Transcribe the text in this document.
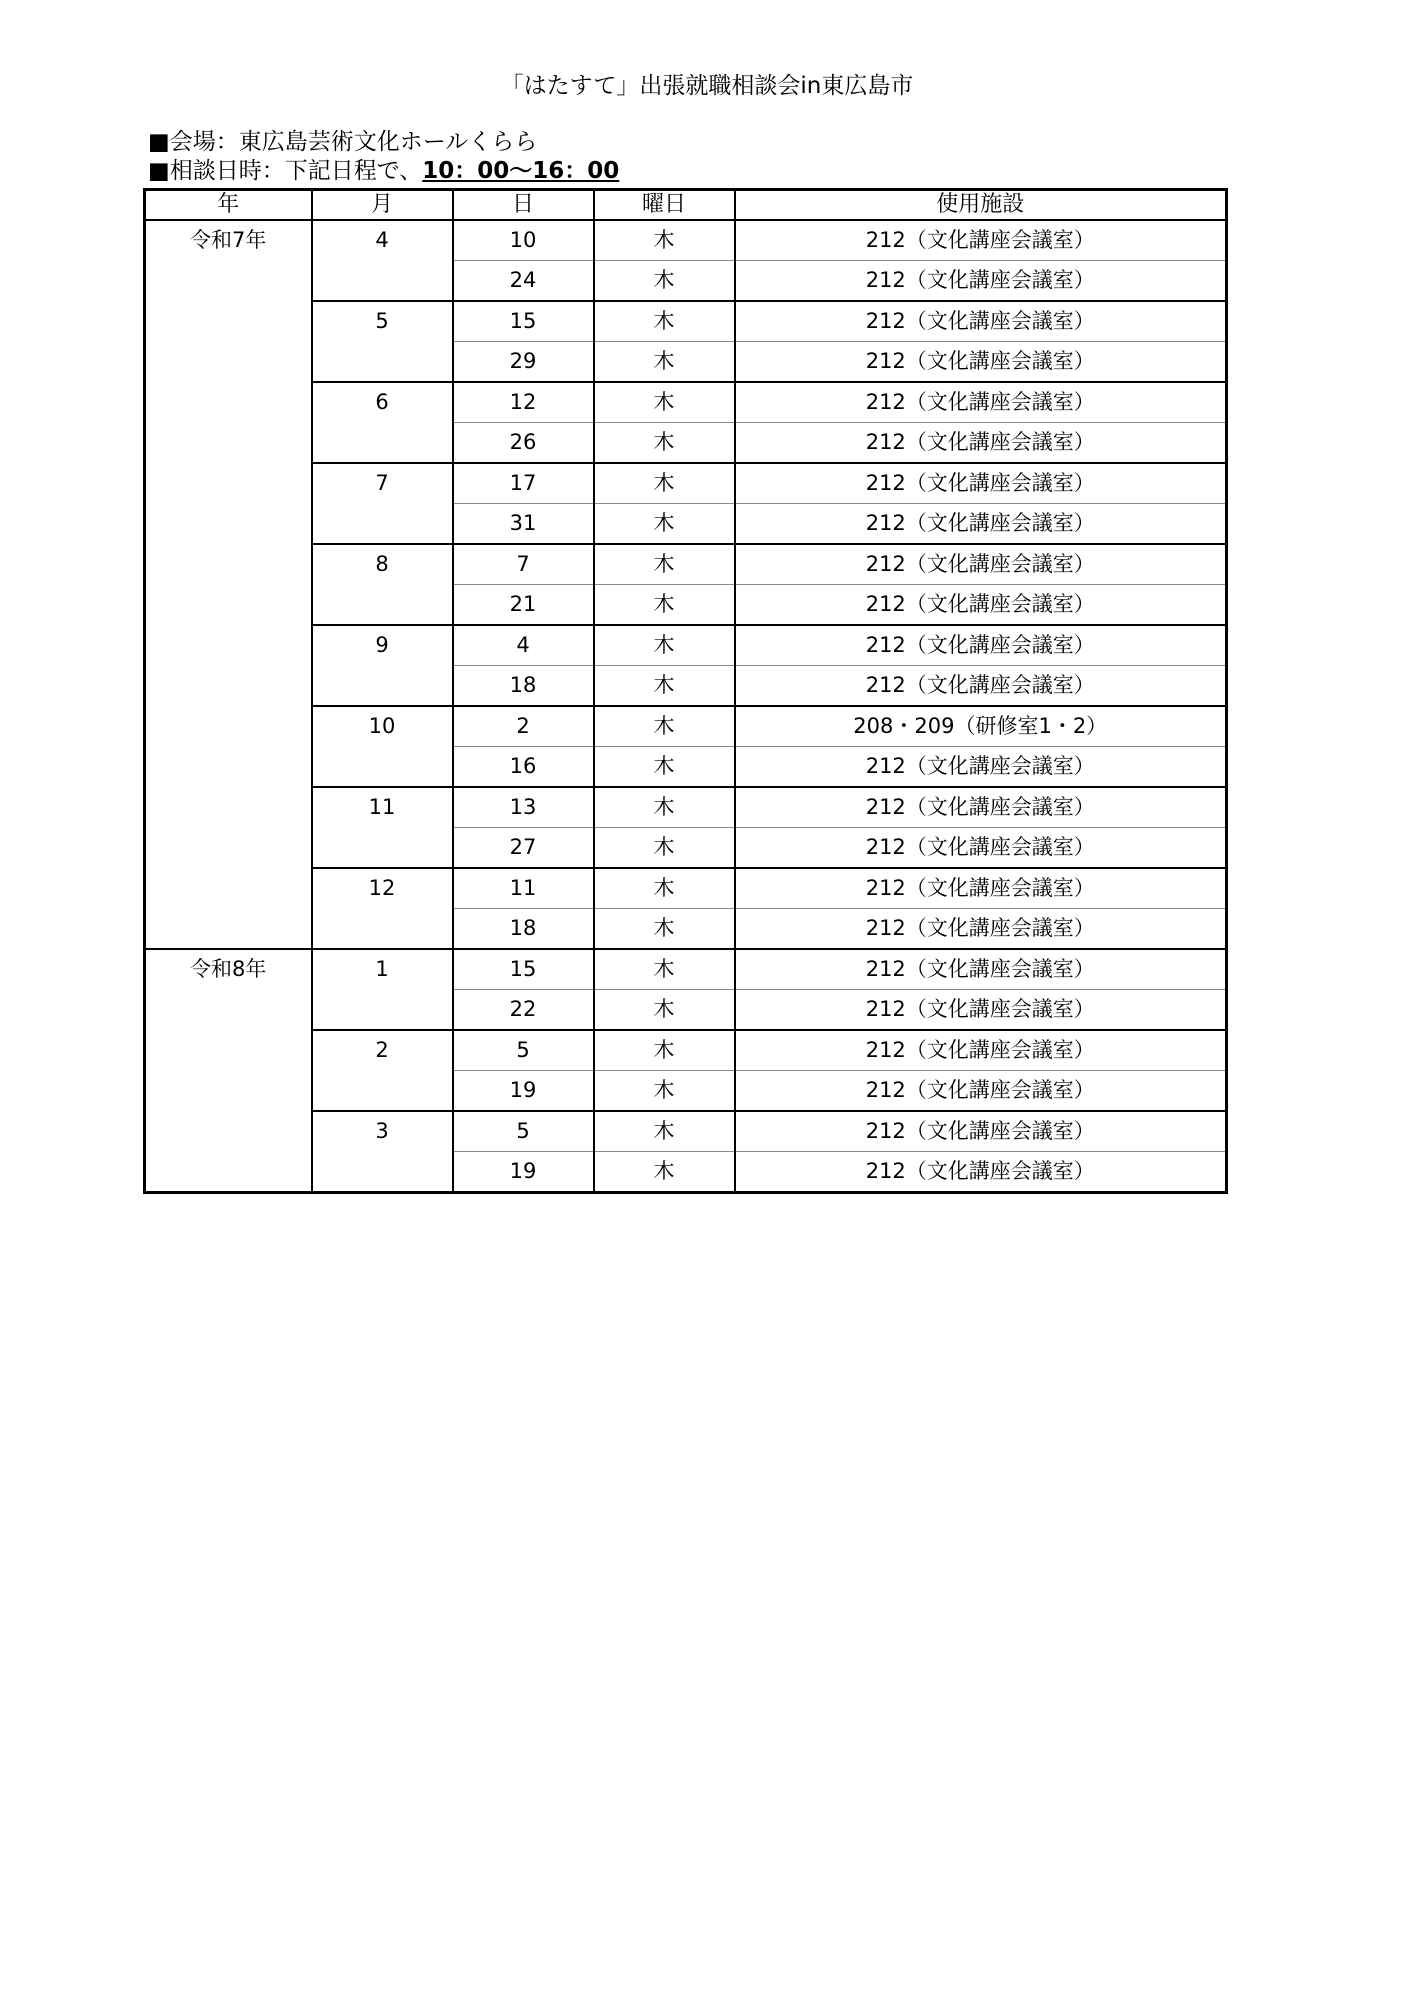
「はたすて」出張就職相談会in東広島市
■会場：東広島芸術文化ホールくらら
■相談日時：下記日程で、10：00～16：00
年	月	日	曜日	使用施設
令和7年	4	10	木	212（文化講座会議室）
		24	木	212（文化講座会議室）
	5	15	木	212（文化講座会議室）
		29	木	212（文化講座会議室）
	6	12	木	212（文化講座会議室）
		26	木	212（文化講座会議室）
	7	17	木	212（文化講座会議室）
		31	木	212（文化講座会議室）
	8	7	木	212（文化講座会議室）
		21	木	212（文化講座会議室）
	9	4	木	212（文化講座会議室）
		18	木	212（文化講座会議室）
	10	2	木	208・209（研修室1・2）
		16	木	212（文化講座会議室）
	11	13	木	212（文化講座会議室）
		27	木	212（文化講座会議室）
	12	11	木	212（文化講座会議室）
		18	木	212（文化講座会議室）
令和8年	1	15	木	212（文化講座会議室）
		22	木	212（文化講座会議室）
	2	5	木	212（文化講座会議室）
		19	木	212（文化講座会議室）
	3	5	木	212（文化講座会議室）
		19	木	212（文化講座会議室）
